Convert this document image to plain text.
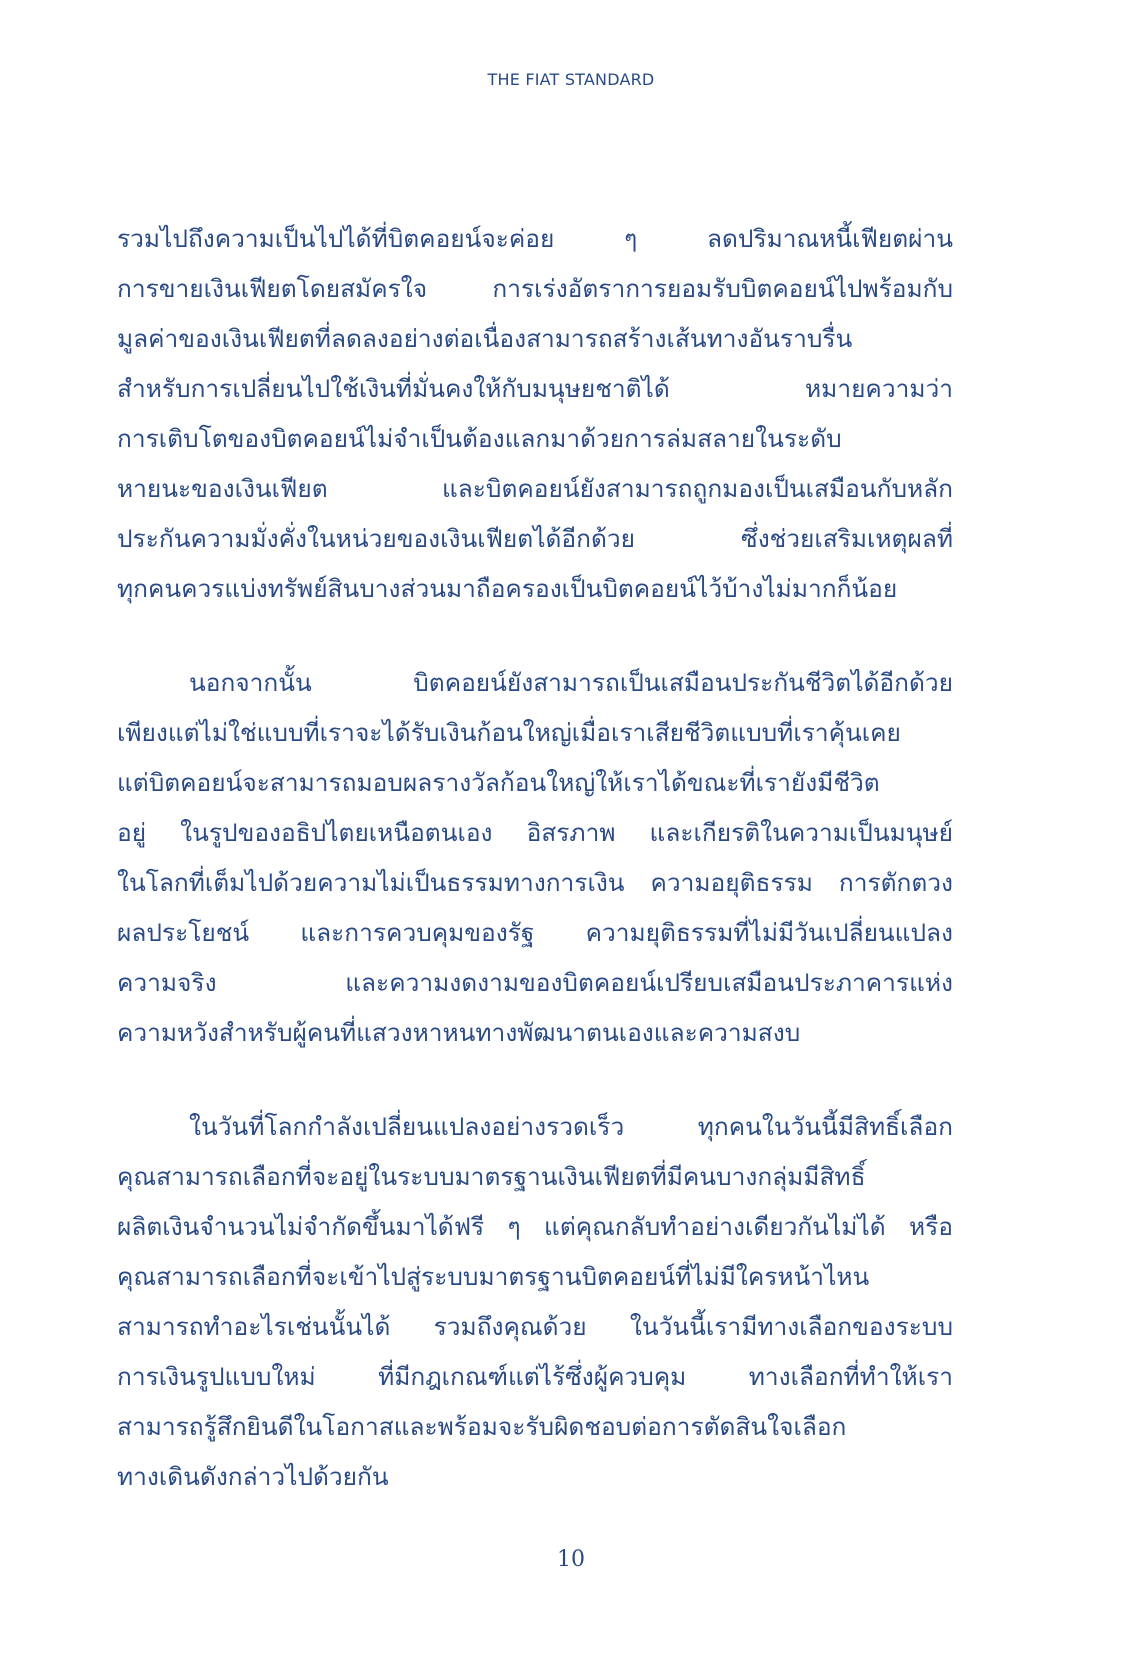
THE FIAT STANDARD

รวมไปถึงความเป็นไปได้ที่บิตคอยน์จะค่อย ๆ ลดปริมาณหนี้เฟียตผ่าน
การขายเงินเฟียตโดยสมัครใจ การเร่งอัตราการยอมรับบิตคอยน์ไปพร้อมกับ
มูลค่าของเงินเฟียตที่ลดลงอย่างต่อเนื่องสามารถสร้างเส้นทางอันราบรื่น
สำหรับการเปลี่ยนไปใช้เงินที่มั่นคงให้กับมนุษยชาติได้ หมายความว่า
การเติบโตของบิตคอยน์ไม่จำเป็นต้องแลกมาด้วยการล่มสลายในระดับ
หายนะของเงินเฟียต และบิตคอยน์ยังสามารถถูกมองเป็นเสมือนกับหลัก
ประกันความมั่งคั่งในหน่วยของเงินเฟียตได้อีกด้วย ซึ่งช่วยเสริมเหตุผลที่
ทุกคนควรแบ่งทรัพย์สินบางส่วนมาถือครองเป็นบิตคอยน์ไว้บ้างไม่มากก็น้อย

นอกจากนั้น บิตคอยน์ยังสามารถเป็นเสมือนประกันชีวิตได้อีกด้วย
เพียงแต่ไม่ใช่แบบที่เราจะได้รับเงินก้อนใหญ่เมื่อเราเสียชีวิตแบบที่เราคุ้นเคย
แต่บิตคอยน์จะสามารถมอบผลรางวัลก้อนใหญ่ให้เราได้ขณะที่เรายังมีชีวิต
อยู่ ในรูปของอธิปไตยเหนือตนเอง อิสรภาพ และเกียรติในความเป็นมนุษย์
ในโลกที่เต็มไปด้วยความไม่เป็นธรรมทางการเงิน ความอยุติธรรม การตักตวง
ผลประโยชน์ และการควบคุมของรัฐ ความยุติธรรมที่ไม่มีวันเปลี่ยนแปลง
ความจริง และความงดงามของบิตคอยน์เปรียบเสมือนประภาคารแห่ง
ความหวังสำหรับผู้คนที่แสวงหาหนทางพัฒนาตนเองและความสงบ

ในวันที่โลกกำลังเปลี่ยนแปลงอย่างรวดเร็ว ทุกคนในวันนี้มีสิทธิ์เลือก
คุณสามารถเลือกที่จะอยู่ในระบบมาตรฐานเงินเฟียตที่มีคนบางกลุ่มมีสิทธิ์
ผลิตเงินจำนวนไม่จำกัดขึ้นมาได้ฟรี ๆ แต่คุณกลับทำอย่างเดียวกันไม่ได้ หรือ
คุณสามารถเลือกที่จะเข้าไปสู่ระบบมาตรฐานบิตคอยน์ที่ไม่มีใครหน้าไหน
สามารถทำอะไรเช่นนั้นได้ รวมถึงคุณด้วย ในวันนี้เรามีทางเลือกของระบบ
การเงินรูปแบบใหม่ ที่มีกฎเกณฑ์แต่ไร้ซึ่งผู้ควบคุม ทางเลือกที่ทำให้เรา
สามารถรู้สึกยินดีในโอกาสและพร้อมจะรับผิดชอบต่อการตัดสินใจเลือก
ทางเดินดังกล่าวไปด้วยกัน

10
